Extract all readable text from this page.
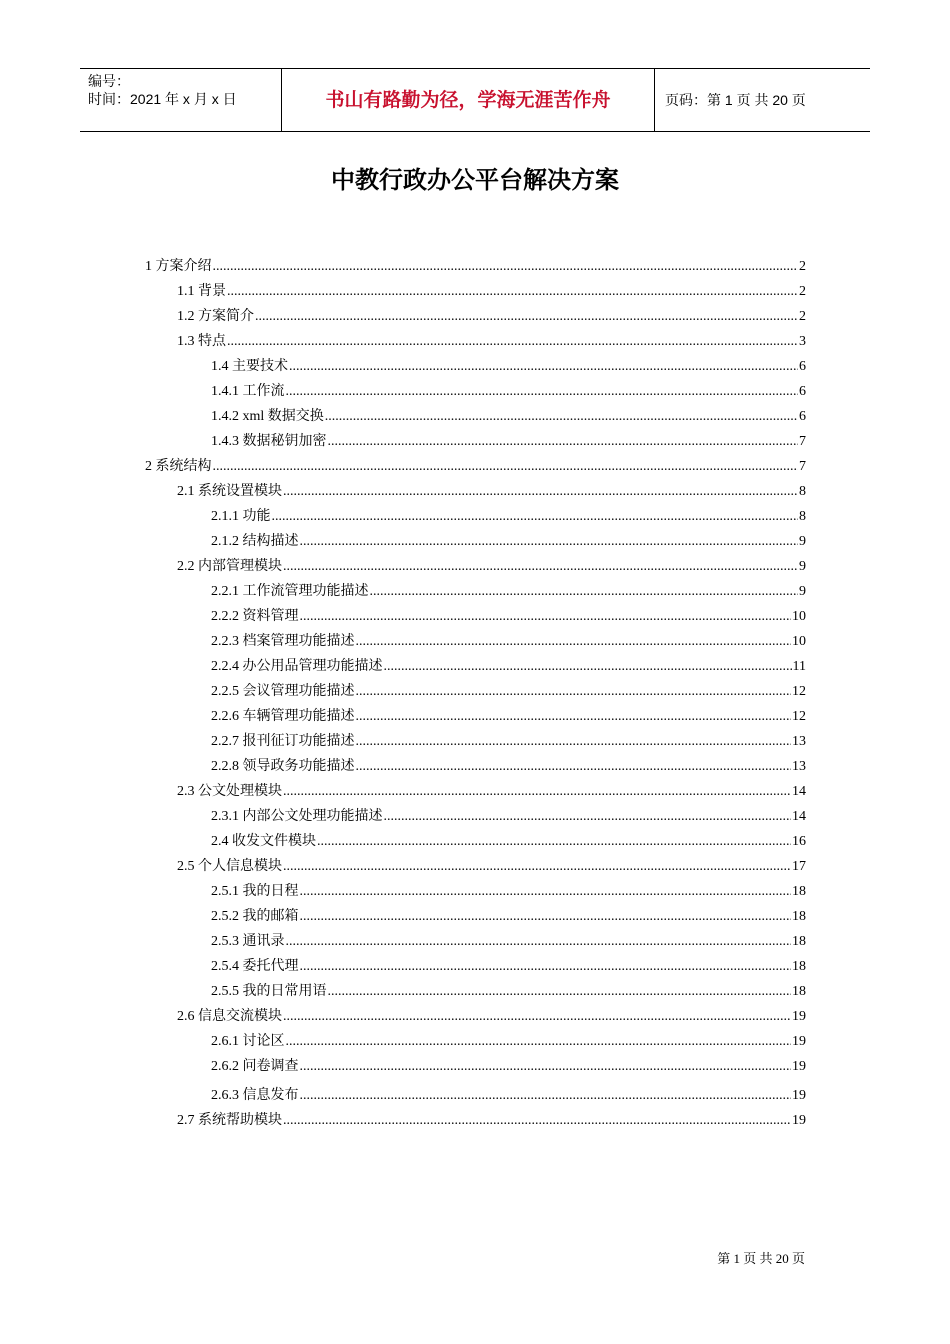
编号：
时间：2021 年 x 月 x 日	书山有路勤为径，学海无涯苦作舟	页码：第 1 页 共 20 页
中教行政办公平台解决方案
1 方案介绍 .....	2
1.1 背景 .....	2
1.2 方案简介 .....	2
1.3 特点 .....	3
1.4 主要技术 .....	6
1.4.1 工作流 .....	6
1.4.2 xml 数据交换 .....	6
1.4.3 数据秘钥加密 .....	7
2 系统结构 .....	7
2.1 系统设置模块 .....	8
2.1.1 功能 .....	8
2.1.2 结构描述 .....	9
2.2 内部管理模块 .....	9
2.2.1 工作流管理功能描述 .....	9
2.2.2 资料管理 .....	10
2.2.3 档案管理功能描述 .....	10
2.2.4 办公用品管理功能描述 .....	11
2.2.5 会议管理功能描述 .....	12
2.2.6 车辆管理功能描述 .....	12
2.2.7 报刊征订功能描述 .....	13
2.2.8 领导政务功能描述 .....	13
2.3 公文处理模块 .....	14
2.3.1 内部公文处理功能描述 .....	14
2.4 收发文件模块 .....	16
2.5 个人信息模块 .....	17
2.5.1 我的日程 .....	18
2.5.2 我的邮箱 .....	18
2.5.3 通讯录 .....	18
2.5.4 委托代理 .....	18
2.5.5 我的日常用语 .....	18
2.6 信息交流模块 .....	19
2.6.1 讨论区 .....	19
2.6.2 问卷调查 .....	19
2.6.3 信息发布 .....	19
2.7 系统帮助模块 .....	19
第 1 页 共 20 页
